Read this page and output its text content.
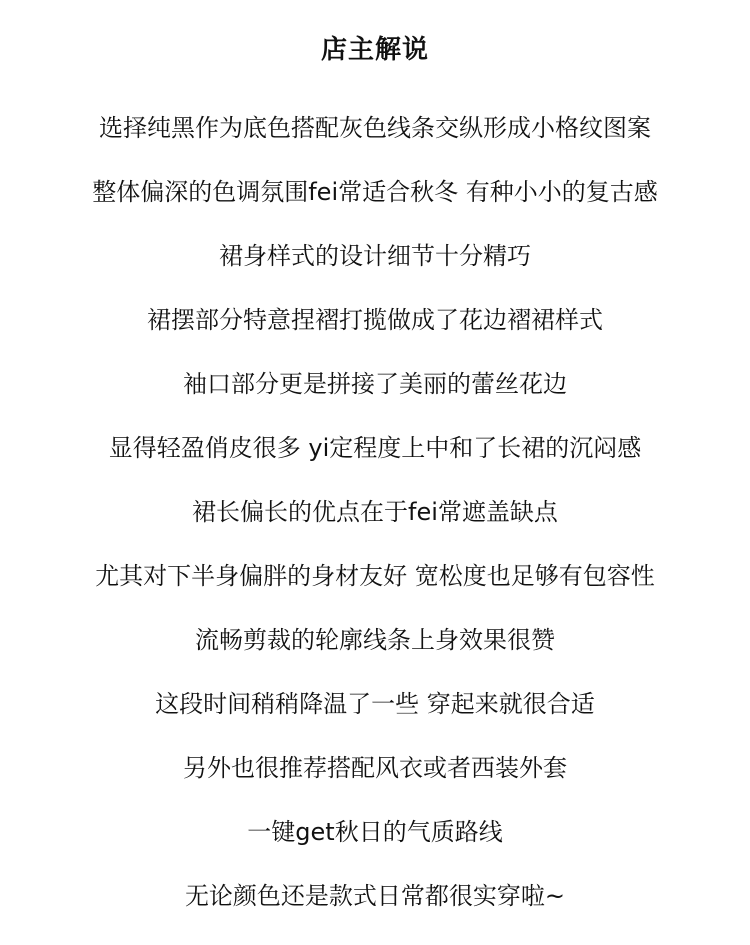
店主解说
选择纯黑作为底色搭配灰色线条交纵形成小格纹图案
整体偏深的色调氛围fei常适合秋冬 有种小小的复古感
裙身样式的设计细节十分精巧
裙摆部分特意捏褶打揽做成了花边褶裙样式
袖口部分更是拼接了美丽的蕾丝花边
显得轻盈俏皮很多 yi定程度上中和了长裙的沉闷感
裙长偏长的优点在于fei常遮盖缺点
尤其对下半身偏胖的身材友好 宽松度也足够有包容性
流畅剪裁的轮廓线条上身效果很赞
这段时间稍稍降温了一些 穿起来就很合适
另外也很推荐搭配风衣或者西装外套
一键get秋日的气质路线
无论颜色还是款式日常都很实穿啦~
